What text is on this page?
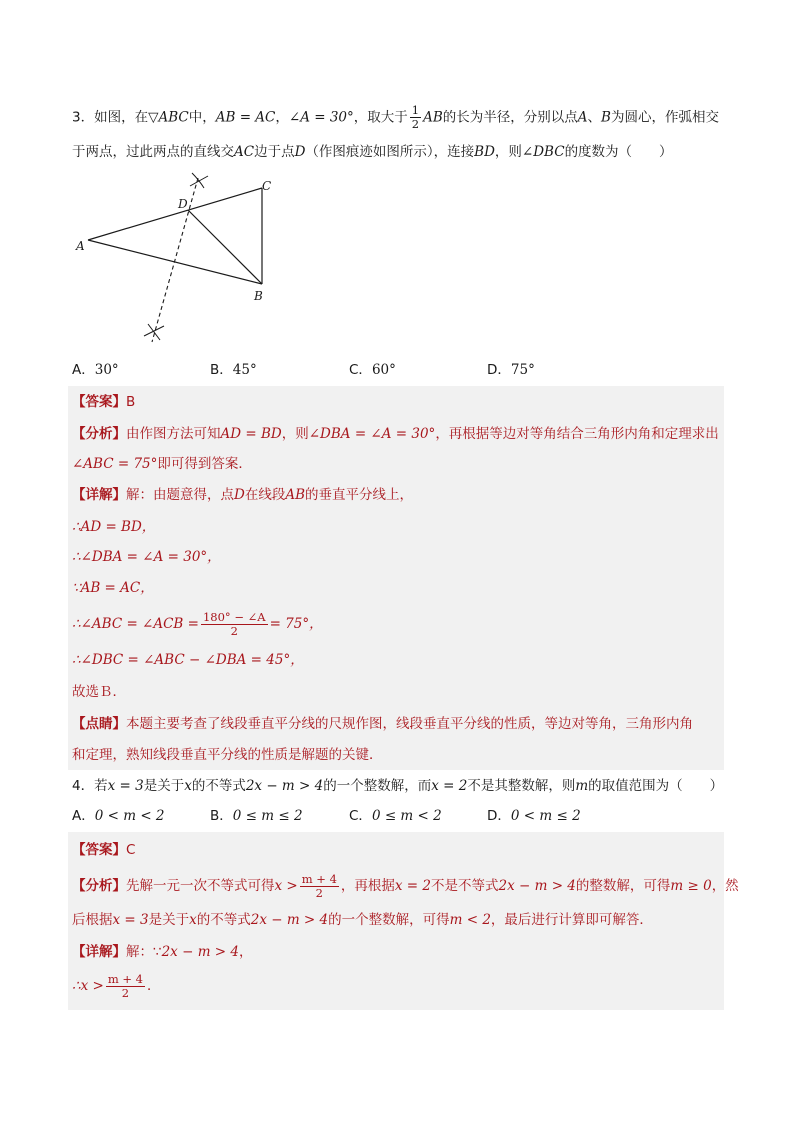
3．如图，在▽ABC中，AB = AC，∠A = 30°，取大于 $\frac{1}{2}$ AB的长为半径，分别以点A、B为圆心，作弧相交
于两点，过此两点的直线交AC边于点D（作图痕迹如图所示），连接BD，则∠DBC的度数为（　　）
A
B
C
D
A．30°	B．45°	C．60°	D．75°
【答案】B
【分析】由作图方法可知AD = BD，则∠DBA = ∠A = 30°，再根据等边对等角结合三角形内角和定理求出
∠ABC = 75°即可得到答案．
【详解】解：由题意得，点D在线段AB的垂直平分线上，
∴AD = BD，
∴∠DBA = ∠A = 30°，
∵AB = AC，
∴∠ABC = ∠ACB = $\frac{180^\circ - \angle A}{2} = 75^\circ$，
∴∠DBC = ∠ABC − ∠DBA = 45°，
故选Ｂ．
【点睛】本题主要考查了线段垂直平分线的尺规作图，线段垂直平分线的性质，等边对等角，三角形内角
和定理，熟知线段垂直平分线的性质是解题的关键．
4．若x = 3是关于x的不等式2x − m > 4的一个整数解，而x = 2不是其整数解，则m的取值范围为（　　）
A．0 < m < 2	B．0 ≤ m ≤ 2	C．0 ≤ m < 2	D．0 < m ≤ 2
【答案】C
【分析】先解一元一次不等式可得$x > \frac{m + 4}{2}$ ，再根据x = 2不是不等式2x − m > 4的整数解，可得m ≥ 0，然
后根据x = 3是关于x的不等式2x − m > 4的一个整数解，可得m < 2，最后进行计算即可解答．
【详解】解：∵2x − m > 4，
∴x > $\frac{m + 4}{2}$ ．
